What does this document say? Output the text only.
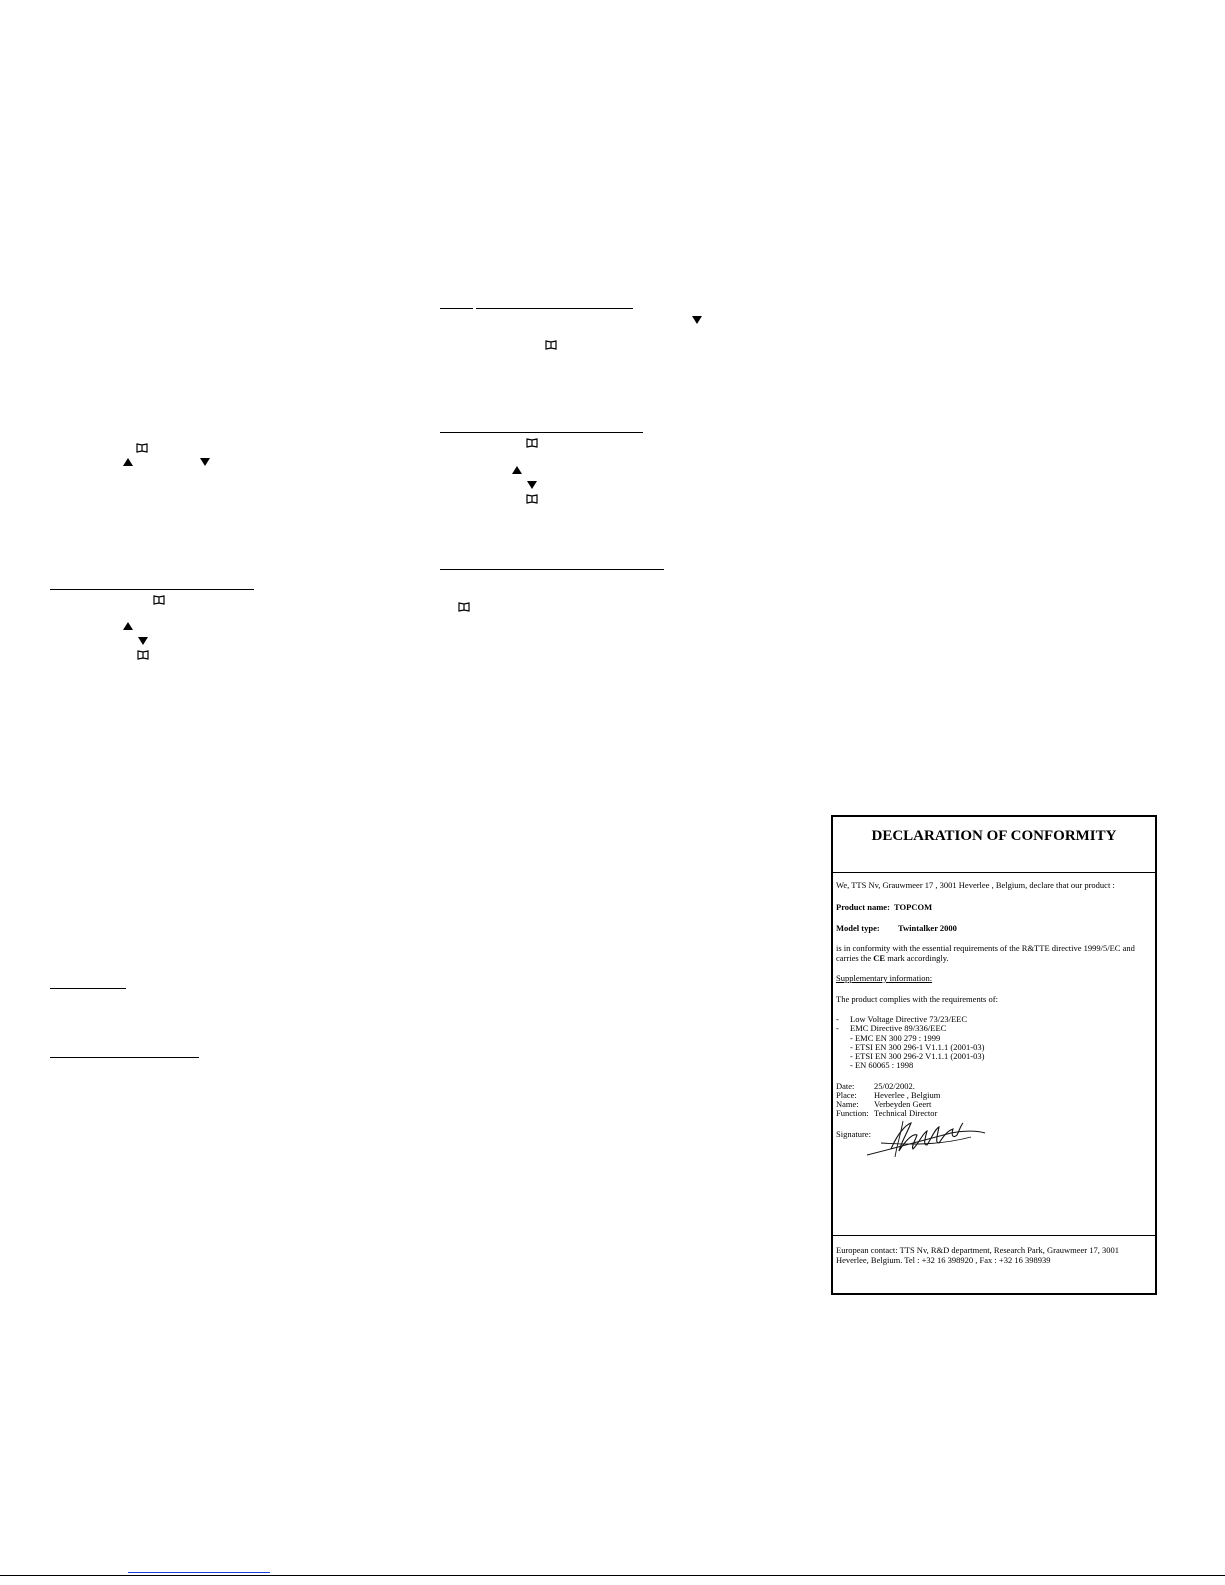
DECLARATION OF CONFORMITY
We, TTS Nv, Grauwmeer 17 , 3001 Heverlee , Belgium, declare that our product :
Product name: TOPCOM
Model type: Twintalker 2000
is in conformity with the essential requirements of the R&TTE directive 1999/5/EC and
carries the CE mark accordingly.
Supplementary information:
The product complies with the requirements of:
- Low Voltage Directive 73/23/EEC
- EMC Directive 89/336/EEC
- EMC EN 300 279 : 1999
- ETSI EN 300 296-1 V1.1.1 (2001-03)
- ETSI EN 300 296-2 V1.1.1 (2001-03)
- EN 60065 : 1998
Date: 25/02/2002.
Place: Heverlee , Belgium
Name: Verbeyden Geert
Function: Technical Director
Signature:
European contact: TTS Nv, R&D department, Research Park, Grauwmeer 17, 3001
Heverlee, Belgium. Tel : +32 16 398920 , Fax : +32 16 398939
